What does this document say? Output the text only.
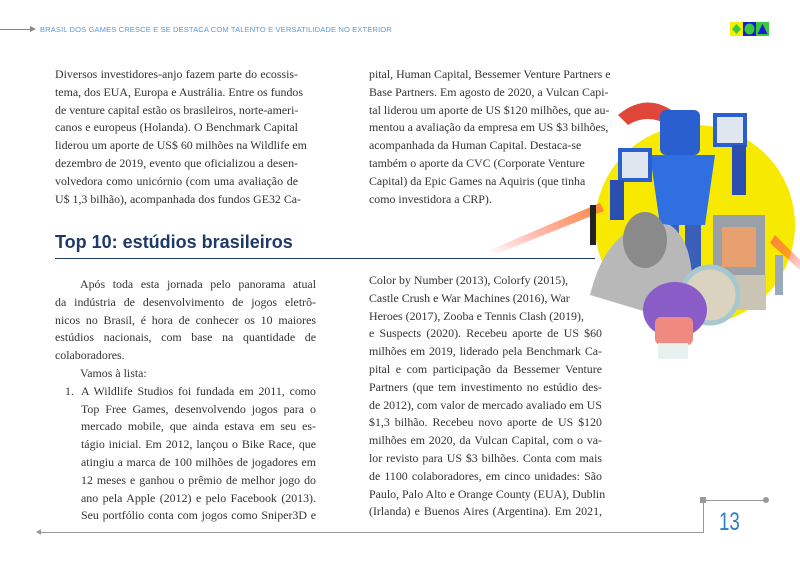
BRASIL DOS GAMES CRESCE E SE DESTACA COM TALENTO E VERSATILIDADE NO EXTERIOR
Diversos investidores-anjo fazem parte do ecossis-
tema, dos EUA, Europa e Austrália. Entre os fundos
de venture capital estão os brasileiros, norte-ameri-
canos e europeus (Holanda). O Benchmark Capital
liderou um aporte de US$ 60 milhões na Wildlife em
dezembro de 2019, evento que oficializou a desen-
volvedora como unicórnio (com uma avaliação de
U$ 1,3 bilhão), acompanhada dos fundos GE32 Ca-
pital, Human Capital, Bessemer Venture Partners e
Base Partners. Em agosto de 2020, a Vulcan Capi-
tal liderou um aporte de US $120 milhões, que au-
mentou a avaliação da empresa em US $3 bilhões,
acompanhada da Human Capital. Destaca-se
também o aporte da CVC (Corporate Venture
Capital) da Epic Games na Aquiris (que tinha
como investidora a CRP).
Top 10: estúdios brasileiros
Após toda esta jornada pelo panorama atual
da indústria de desenvolvimento de jogos eletrô-
nicos no Brasil, é hora de conhecer os 10 maiores
estúdios nacionais, com base na quantidade de
colaboradores.
Vamos à lista:
1. A Wildlife Studios foi fundada em 2011, como
Top Free Games, desenvolvendo jogos para o
mercado mobile, que ainda estava em seu es-
tágio inicial. Em 2012, lançou o Bike Race, que
atingiu a marca de 100 milhões de jogadores em
12 meses e ganhou o prêmio de melhor jogo do
ano pela Apple (2012) e pelo Facebook (2013).
Seu portfólio conta com jogos como Sniper3D e
Color by Number (2013), Colorfy (2015),
Castle Crush e War Machines (2016), War
Heroes (2017), Zooba e Tennis Clash (2019),
e Suspects (2020). Recebeu aporte de US $60
milhões em 2019, liderado pela Benchmark Ca-
pital e com participação da Bessemer Venture
Partners (que tem investimento no estúdio des-
de 2012), com valor de mercado avaliado em US
$1,3 bilhão. Recebeu novo aporte de US $120
milhões em 2020, da Vulcan Capital, com o va-
lor revisto para US $3 bilhões. Conta com mais
de 1100 colaboradores, em cinco unidades: São
Paulo, Palo Alto e Orange County (EUA), Dublin
(Irlanda) e Buenos Aires (Argentina). Em 2021,	13
